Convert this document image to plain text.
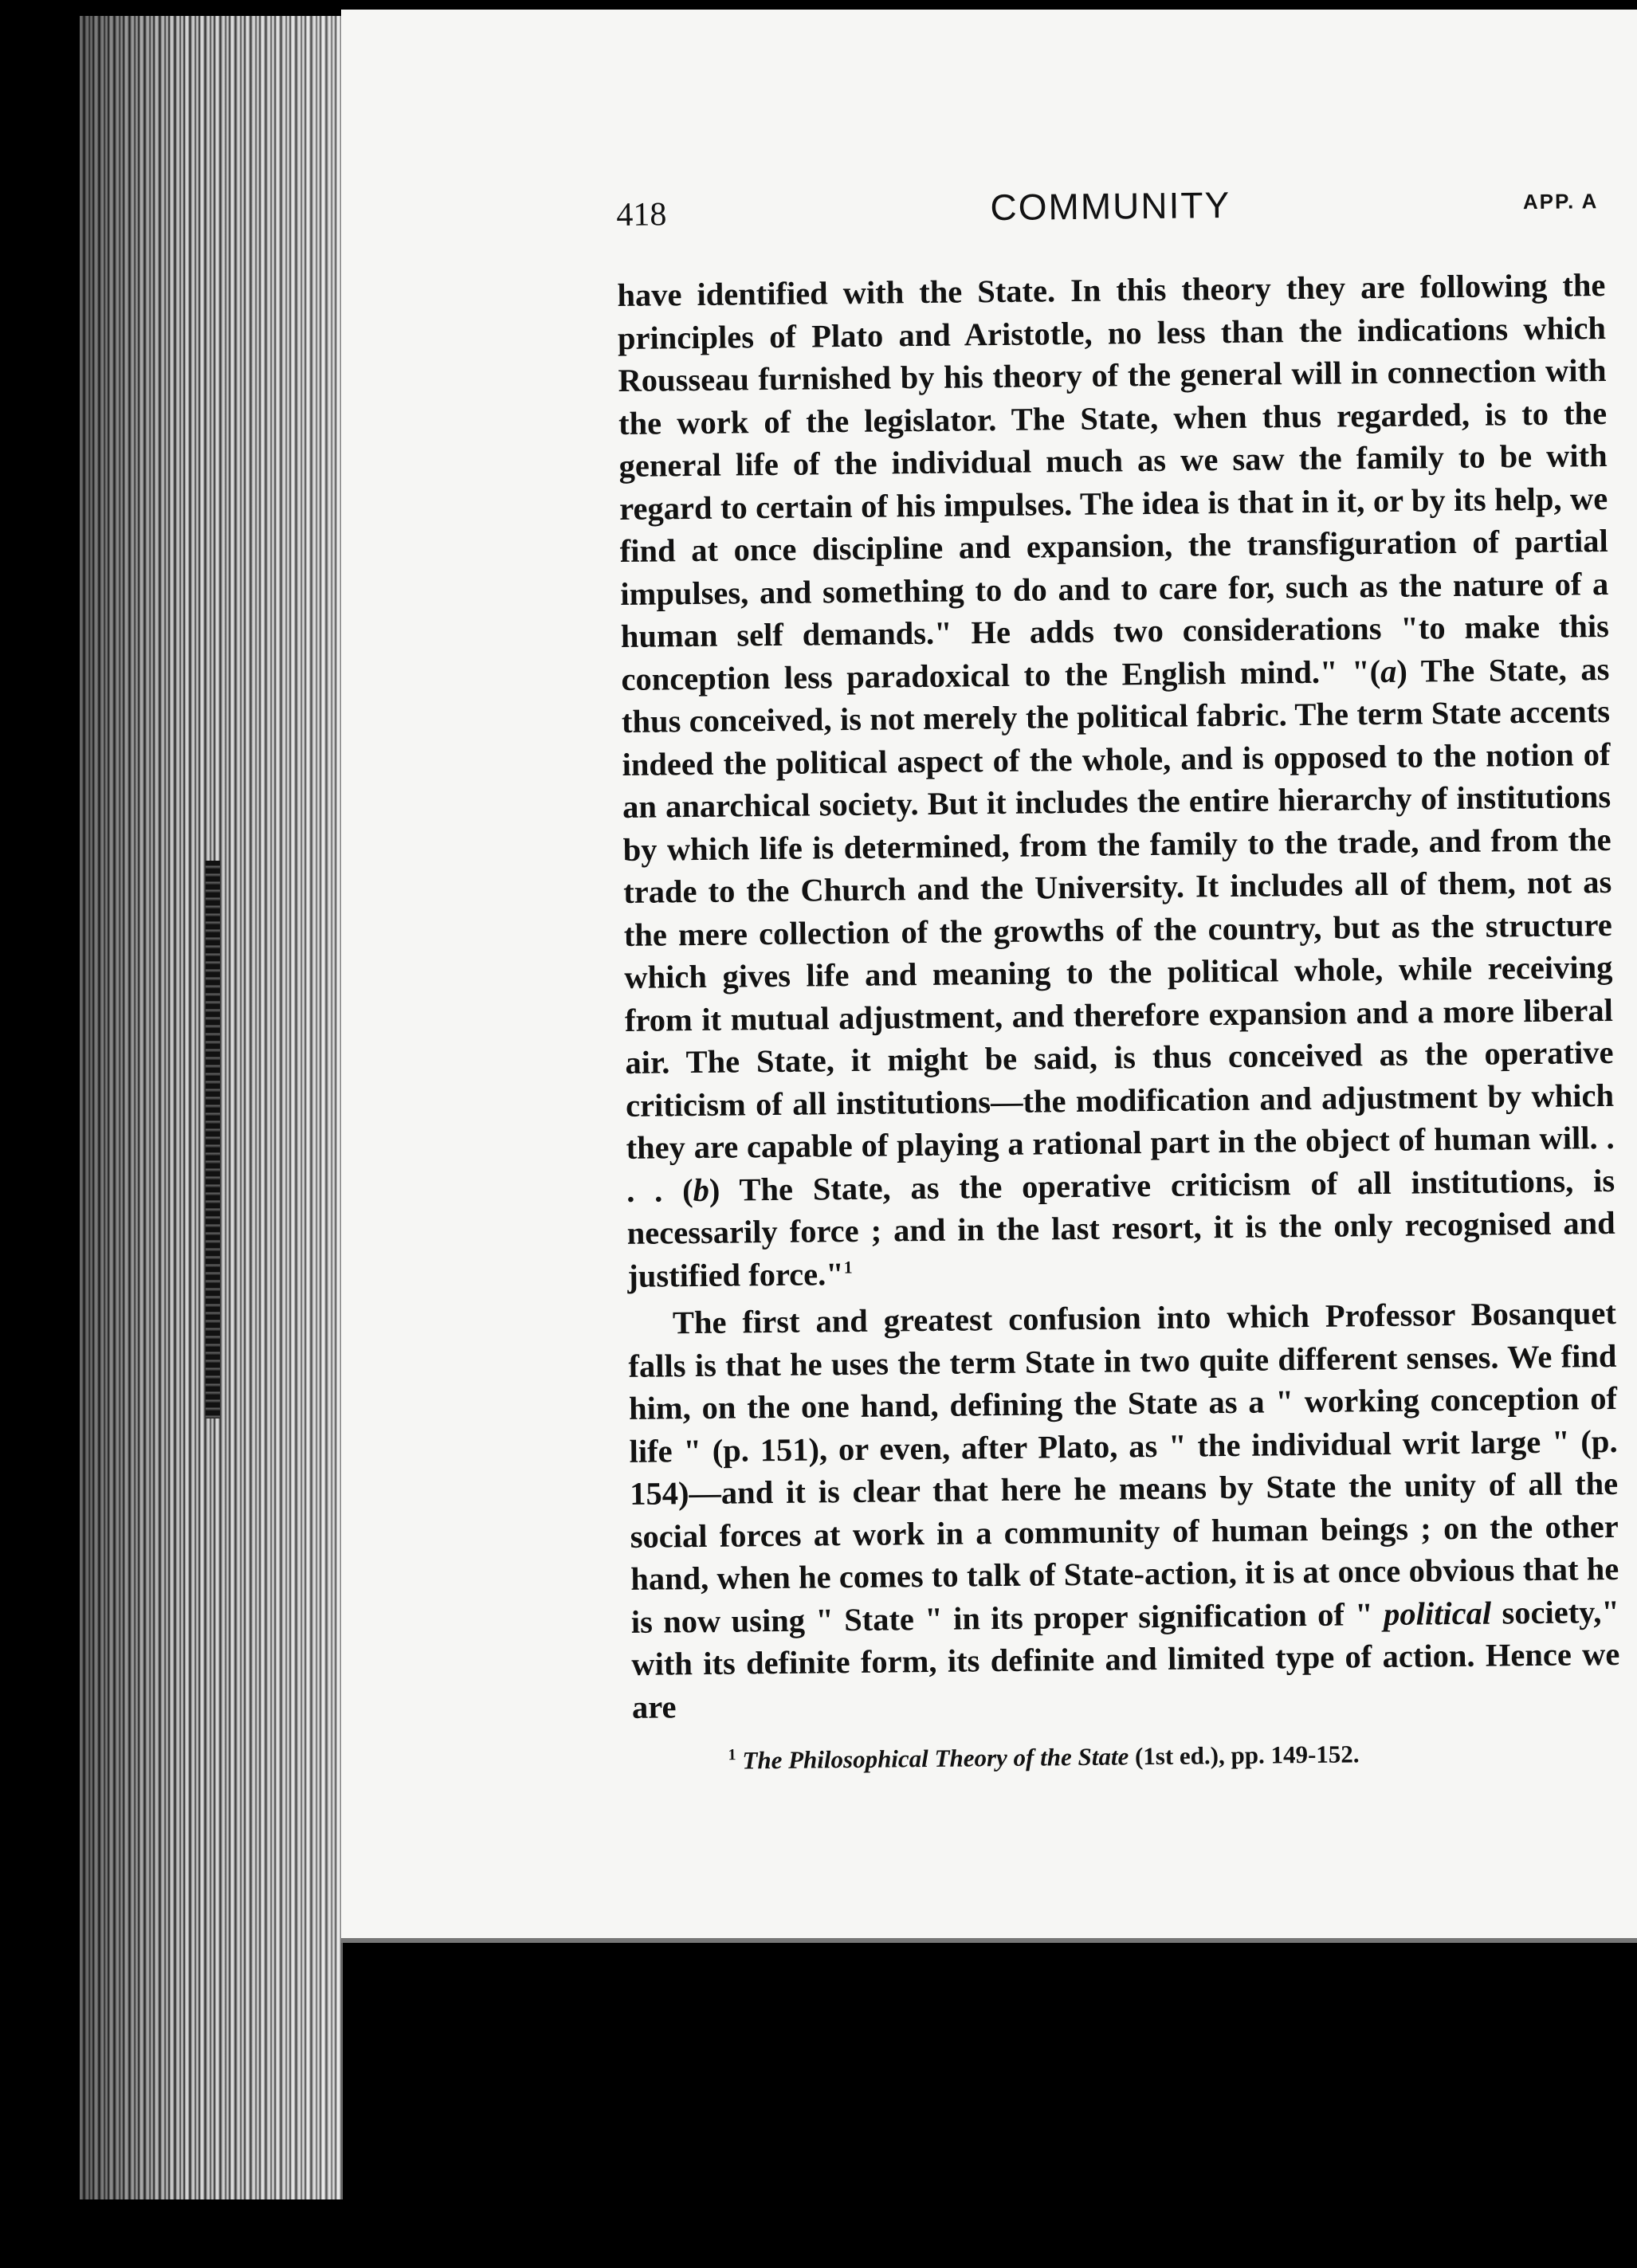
418	COMMUNITY	APP. A

have identified with the State. In this theory they are following the principles of Plato and Aristotle, no less than the indications which Rousseau furnished by his theory of the general will in connection with the work of the legislator. The State, when thus regarded, is to the general life of the individual much as we saw the family to be with regard to certain of his impulses. The idea is that in it, or by its help, we find at once discipline and expansion, the transfiguration of partial impulses, and something to do and to care for, such as the nature of a human self demands." He adds two considerations "to make this conception less paradoxical to the English mind." "(a) The State, as thus conceived, is not merely the political fabric. The term State accents indeed the political aspect of the whole, and is opposed to the notion of an anarchical society. But it includes the entire hierarchy of institutions by which life is determined, from the family to the trade, and from the trade to the Church and the University. It includes all of them, not as the mere collection of the growths of the country, but as the structure which gives life and meaning to the political whole, while receiving from it mutual adjustment, and therefore expansion and a more liberal air. The State, it might be said, is thus conceived as the operative criticism of all institutions—the modification and adjustment by which they are capable of playing a rational part in the object of human will. . . . (b) The State, as the operative criticism of all institutions, is necessarily force ; and in the last resort, it is the only recognised and justified force."$^1$

The first and greatest confusion into which Professor Bosanquet falls is that he uses the term State in two quite different senses. We find him, on the one hand, defining the State as a " working conception of life " (p. 151), or even, after Plato, as " the individual writ large " (p. 154)—and it is clear that here he means by State the unity of all the social forces at work in a community of human beings ; on the other hand, when he comes to talk of State-action, it is at once obvious that he is now using " State " in its proper signification of " political society," with its definite form, its definite and limited type of action. Hence we are

$^1$ The Philosophical Theory of the State (1st ed.), pp. 149-152.
